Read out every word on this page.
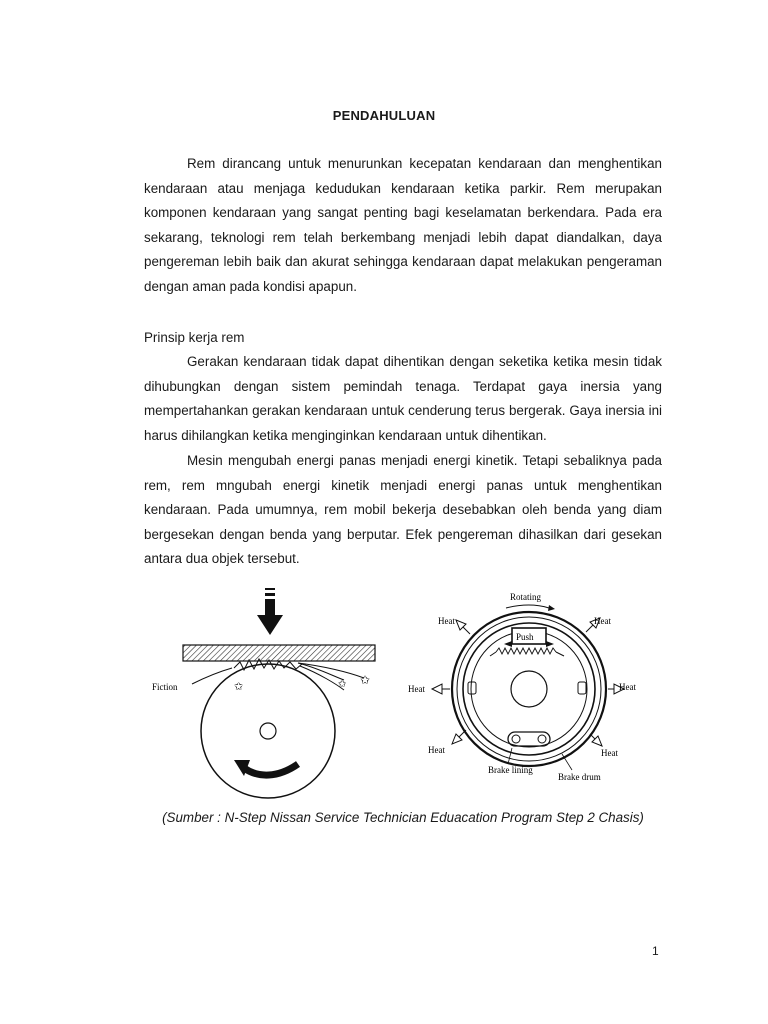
PENDAHULUAN

Rem dirancang untuk menurunkan kecepatan kendaraan dan menghentikan kendaraan atau menjaga kedudukan kendaraan ketika parkir. Rem merupakan komponen kendaraan yang sangat penting bagi keselamatan berkendara. Pada era sekarang, teknologi rem telah berkembang menjadi lebih dapat diandalkan, daya pengereman lebih baik dan akurat sehingga kendaraan dapat melakukan pengeraman dengan aman pada kondisi apapun.

Prinsip kerja rem

Gerakan kendaraan tidak dapat dihentikan dengan seketika ketika mesin tidak dihubungkan dengan sistem pemindah tenaga. Terdapat gaya inersia yang mempertahankan gerakan kendaraan untuk cenderung terus bergerak. Gaya inersia ini harus dihilangkan ketika menginginkan kendaraan untuk dihentikan.

Mesin mengubah energi panas menjadi energi kinetik. Tetapi sebaliknya pada rem, rem mngubah energi kinetik menjadi energi panas untuk menghentikan kendaraan. Pada umumnya, rem mobil bekerja desebabkan oleh benda yang diam bergesekan dengan benda yang berputar. Efek pengereman dihasilkan dari gesekan antara dua objek tersebut.

✩	✩ ✩
Fiction
Rotating
Push
Heat	Heat
Heat	Heat
Heat	Heat
Brake lining
Brake drum
(Sumber : N-Step Nissan Service Technician Eduacation Program Step 2 Chasis)
1
